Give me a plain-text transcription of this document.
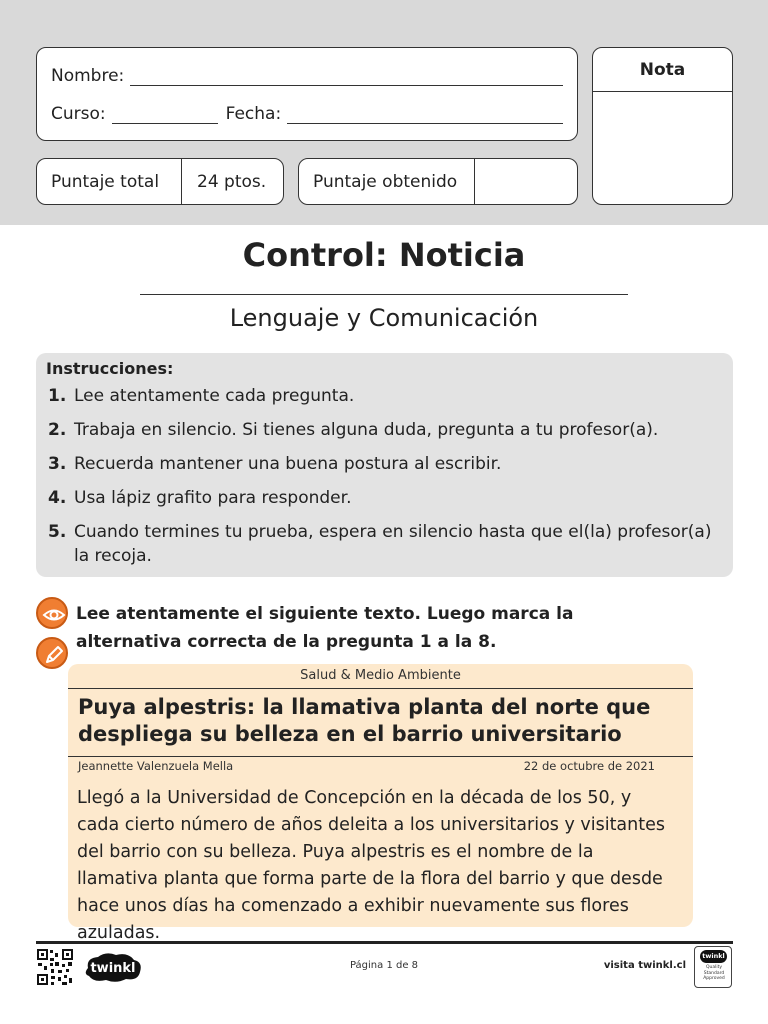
Nombre:
Curso:	Fecha:
Puntaje total	24 ptos.	Puntaje obtenido
Nota
Control: Noticia
Lenguaje y Comunicación
Instrucciones:
1. Lee atentamente cada pregunta.
2. Trabaja en silencio. Si tienes alguna duda, pregunta a tu profesor(a).
3. Recuerda mantener una buena postura al escribir.
4. Usa lápiz grafito para responder.
5. Cuando termines tu prueba, espera en silencio hasta que el(la) profesor(a) la recoja.
Lee atentamente el siguiente texto. Luego marca la alternativa correcta de la pregunta 1 a la 8.
Salud & Medio Ambiente
Puya alpestris: la llamativa planta del norte que despliega su belleza en el barrio universitario
Jeannette Valenzuela Mella	22 de octubre de 2021
Llegó a la Universidad de Concepción en la década de los 50, y cada cierto número de años deleita a los universitarios y visitantes del barrio con su belleza. Puya alpestris es el nombre de la llamativa planta que forma parte de la flora del barrio y que desde hace unos días ha comenzado a exhibir nuevamente sus flores azuladas.
twinkl	Página 1 de 8	visita twinkl.cl
twinkl
Quality Standard Approved
